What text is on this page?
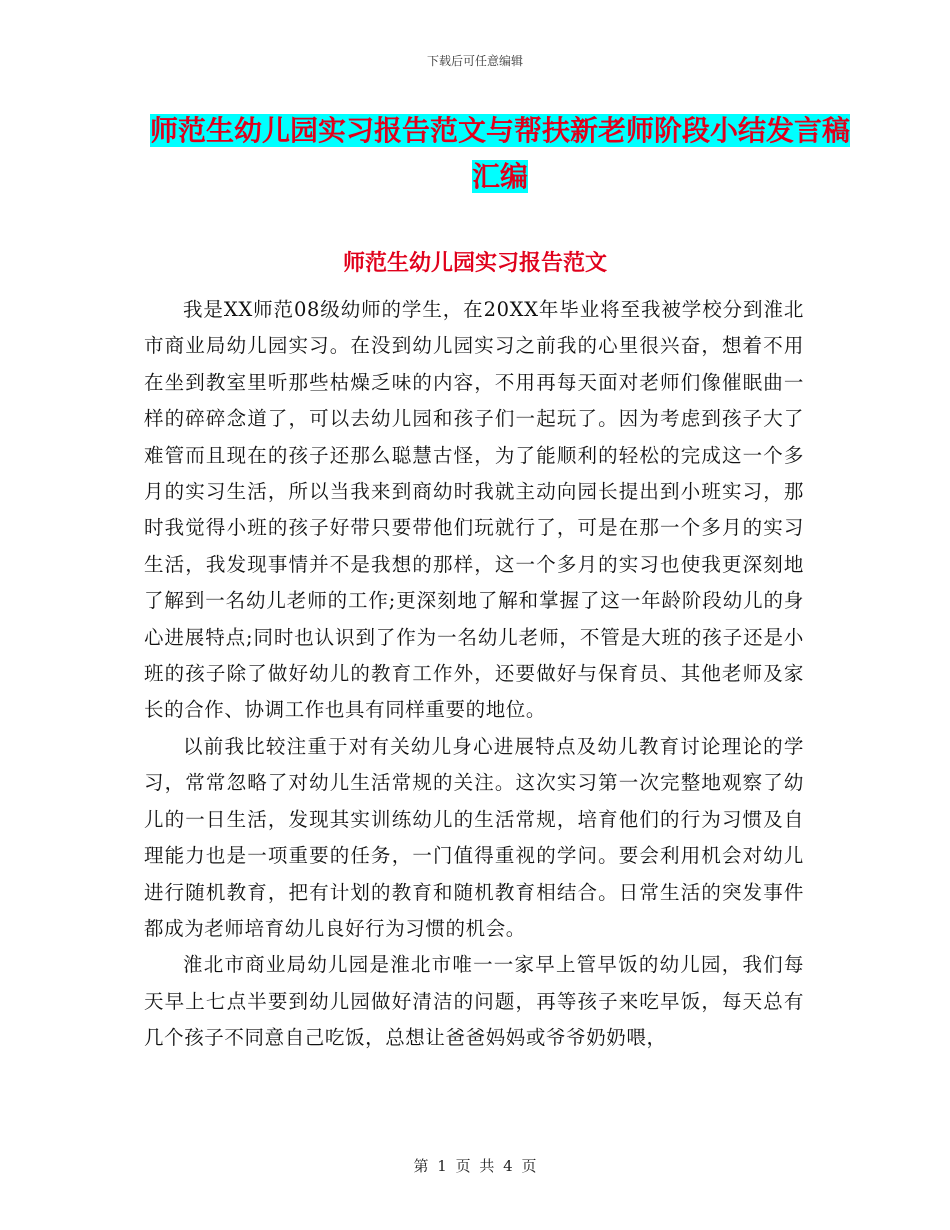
下载后可任意编辑
师范生幼儿园实习报告范文与帮扶新老师阶段小结发言稿汇编
师范生幼儿园实习报告范文

我是XX师范08级幼师的学生，在20XX年毕业将至我被学校分到淮北市商业局幼儿园实习。在没到幼儿园实习之前我的心里很兴奋，想着不用在坐到教室里听那些枯燥乏味的内容，不用再每天面对老师们像催眠曲一样的碎碎念道了，可以去幼儿园和孩子们一起玩了。因为考虑到孩子大了难管而且现在的孩子还那么聪慧古怪，为了能顺利的轻松的完成这一个多月的实习生活，所以当我来到商幼时我就主动向园长提出到小班实习，那时我觉得小班的孩子好带只要带他们玩就行了，可是在那一个多月的实习生活，我发现事情并不是我想的那样，这一个多月的实习也使我更深刻地了解到一名幼儿老师的工作;更深刻地了解和掌握了这一年龄阶段幼儿的身心进展特点;同时也认识到了作为一名幼儿老师，不管是大班的孩子还是小班的孩子除了做好幼儿的教育工作外，还要做好与保育员、其他老师及家长的合作、协调工作也具有同样重要的地位。

以前我比较注重于对有关幼儿身心进展特点及幼儿教育讨论理论的学习，常常忽略了对幼儿生活常规的关注。这次实习第一次完整地观察了幼儿的一日生活，发现其实训练幼儿的生活常规，培育他们的行为习惯及自理能力也是一项重要的任务，一门值得重视的学问。要会利用机会对幼儿进行随机教育，把有计划的教育和随机教育相结合。日常生活的突发事件都成为老师培育幼儿良好行为习惯的机会。

淮北市商业局幼儿园是淮北市唯一一家早上管早饭的幼儿园，我们每天早上七点半要到幼儿园做好清洁的问题，再等孩子来吃早饭，每天总有几个孩子不同意自己吃饭，总想让爸爸妈妈或爷爷奶奶喂，

第 1 页 共 4 页
